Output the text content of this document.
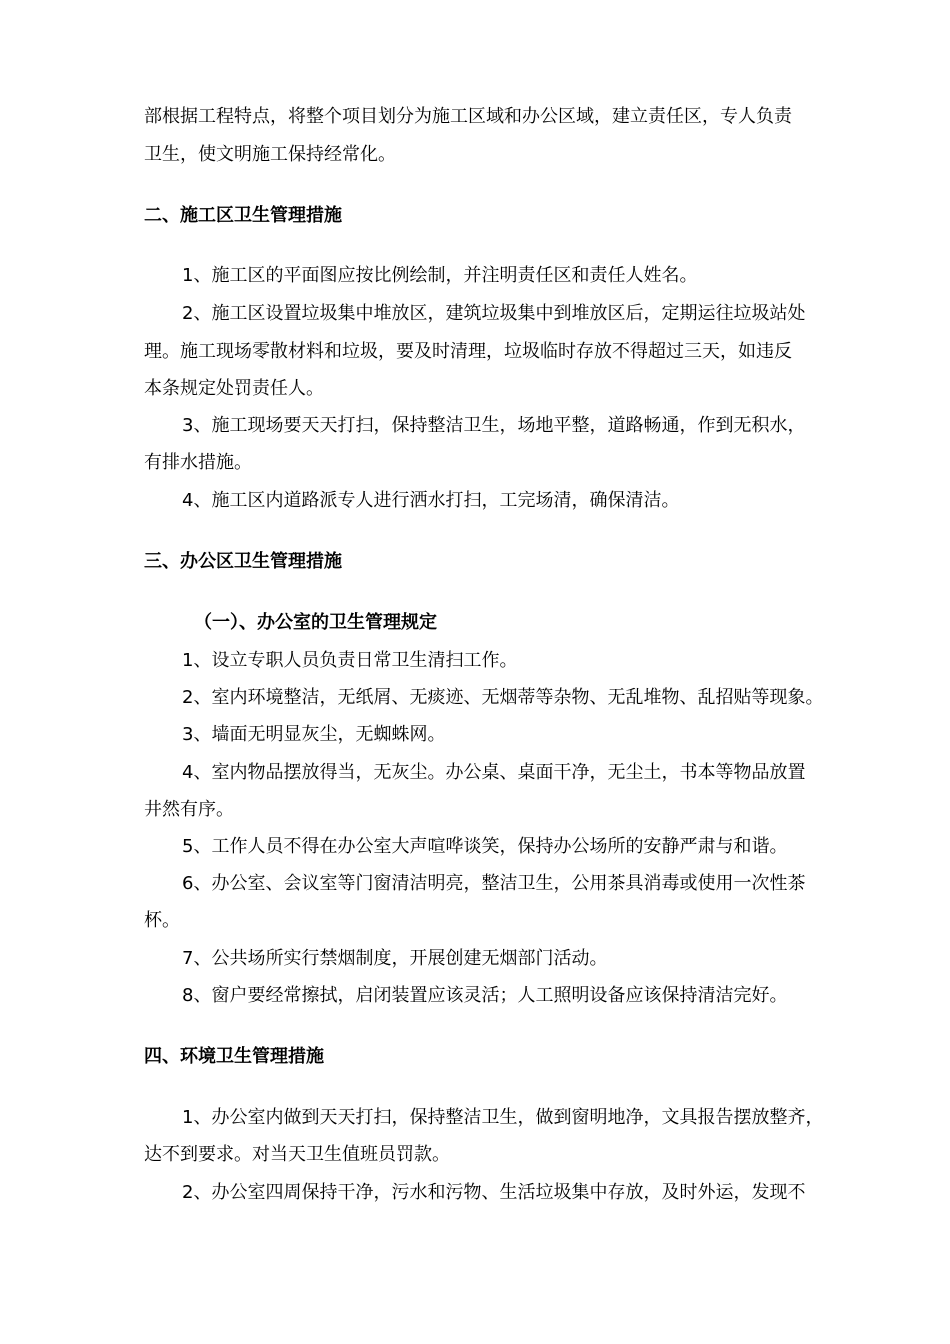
部根据工程特点，将整个项目划分为施工区域和办公区域，建立责任区，专人负责
卫生，使文明施工保持经常化。
二、施工区卫生管理措施
1、施工区的平面图应按比例绘制，并注明责任区和责任人姓名。
2、施工区设置垃圾集中堆放区，建筑垃圾集中到堆放区后，定期运往垃圾站处
理。施工现场零散材料和垃圾，要及时清理，垃圾临时存放不得超过三天，如违反
本条规定处罚责任人。
3、施工现场要天天打扫，保持整洁卫生，场地平整，道路畅通，作到无积水，
有排水措施。
4、施工区内道路派专人进行洒水打扫，工完场清，确保清洁。
三、办公区卫生管理措施
（一）、办公室的卫生管理规定
1、设立专职人员负责日常卫生清扫工作。
2、室内环境整洁，无纸屑、无痰迹、无烟蒂等杂物、无乱堆物、乱招贴等现象。
3、墙面无明显灰尘，无蜘蛛网。
4、室内物品摆放得当，无灰尘。办公桌、桌面干净，无尘土，书本等物品放置
井然有序。
5、工作人员不得在办公室大声喧哗谈笑，保持办公场所的安静严肃与和谐。
6、办公室、会议室等门窗清洁明亮，整洁卫生，公用茶具消毒或使用一次性茶
杯。
7、公共场所实行禁烟制度，开展创建无烟部门活动。
8、窗户要经常擦拭，启闭装置应该灵活；人工照明设备应该保持清洁完好。
四、环境卫生管理措施
1、办公室内做到天天打扫，保持整洁卫生，做到窗明地净，文具报告摆放整齐，
达不到要求。对当天卫生值班员罚款。
2、办公室四周保持干净，污水和污物、生活垃圾集中存放，及时外运，发现不
